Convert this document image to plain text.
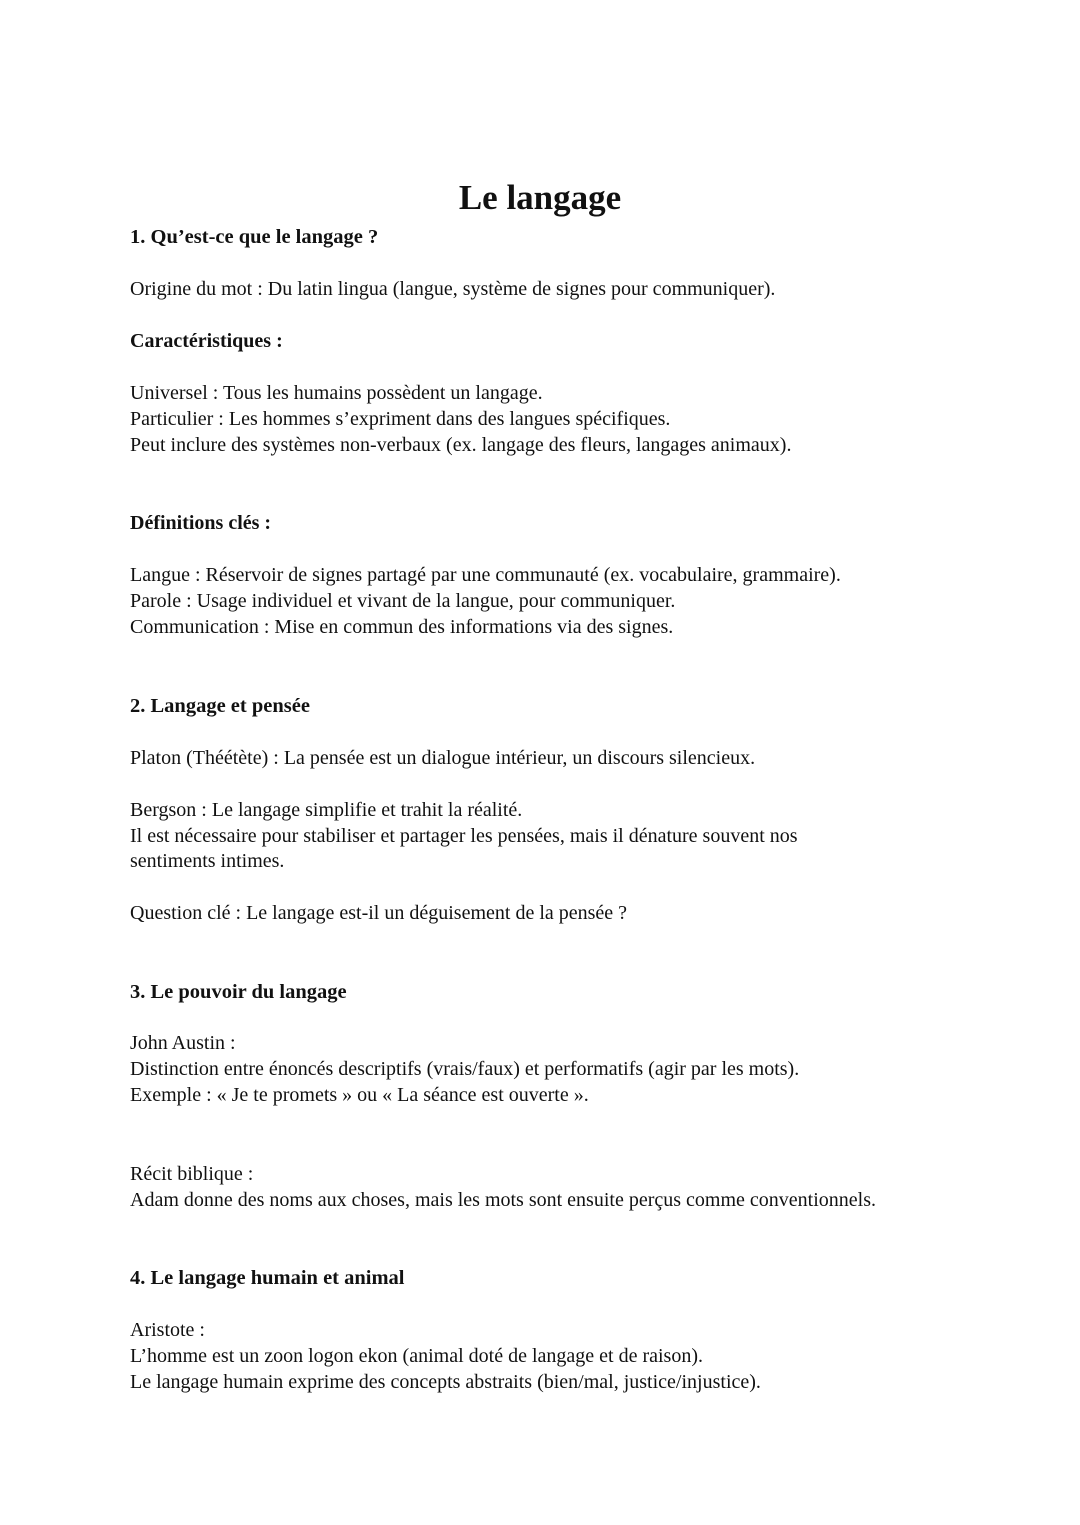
Le langage
1. Qu’est-ce que le langage ?
Origine du mot : Du latin lingua (langue, système de signes pour communiquer).
Caractéristiques :
Universel : Tous les humains possèdent un langage.
Particulier : Les hommes s’expriment dans des langues spécifiques.
Peut inclure des systèmes non-verbaux (ex. langage des fleurs, langages animaux).
Définitions clés :
Langue : Réservoir de signes partagé par une communauté (ex. vocabulaire, grammaire).
Parole : Usage individuel et vivant de la langue, pour communiquer.
Communication : Mise en commun des informations via des signes.
2. Langage et pensée
Platon (Théétète) : La pensée est un dialogue intérieur, un discours silencieux.
Bergson : Le langage simplifie et trahit la réalité.
Il est nécessaire pour stabiliser et partager les pensées, mais il dénature souvent nos
sentiments intimes.
Question clé : Le langage est-il un déguisement de la pensée ?
3. Le pouvoir du langage
John Austin :
Distinction entre énoncés descriptifs (vrais/faux) et performatifs (agir par les mots).
Exemple : « Je te promets » ou « La séance est ouverte ».
Récit biblique :
Adam donne des noms aux choses, mais les mots sont ensuite perçus comme conventionnels.
4. Le langage humain et animal
Aristote :
L’homme est un zoon logon ekon (animal doté de langage et de raison).
Le langage humain exprime des concepts abstraits (bien/mal, justice/injustice).
